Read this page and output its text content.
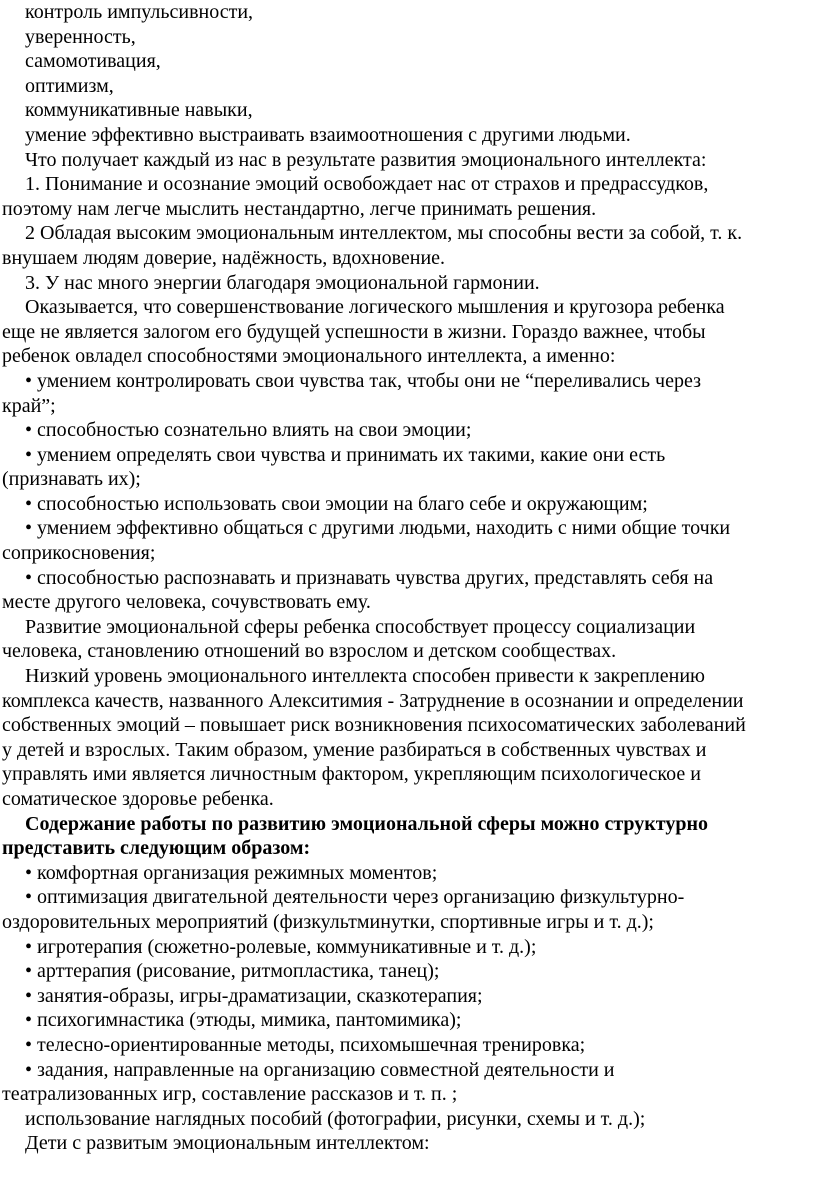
контроль импульсивности,
уверенность,
самомотивация,
оптимизм,
коммуникативные навыки,
умение эффективно выстраивать взаимоотношения с другими людьми.
Что получает каждый из нас в результате развития эмоционального интеллекта:
1. Понимание и осознание эмоций освобождает нас от страхов и предрассудков,
поэтому нам легче мыслить нестандартно, легче принимать решения.
2 Обладая высоким эмоциональным интеллектом, мы способны вести за собой, т. к.
внушаем людям доверие, надёжность, вдохновение.
3. У нас много энергии благодаря эмоциональной гармонии.
Оказывается, что совершенствование логического мышления и кругозора ребенка
еще не является залогом его будущей успешности в жизни. Гораздо важнее, чтобы
ребенок овладел способностями эмоционального интеллекта, а именно:
• умением контролировать свои чувства так, чтобы они не “переливались через
край”;
• способностью сознательно влиять на свои эмоции;
• умением определять свои чувства и принимать их такими, какие они есть
(признавать их);
• способностью использовать свои эмоции на благо себе и окружающим;
• умением эффективно общаться с другими людьми, находить с ними общие точки
соприкосновения;
• способностью распознавать и признавать чувства других, представлять себя на
месте другого человека, сочувствовать ему.
Развитие эмоциональной сферы ребенка способствует процессу социализации
человека, становлению отношений во взрослом и детском сообществах.
Низкий уровень эмоционального интеллекта способен привести к закреплению
комплекса качеств, названного Алекситимия - Затруднение в осознании и определении
собственных эмоций – повышает риск возникновения психосоматических заболеваний
у детей и взрослых. Таким образом, умение разбираться в собственных чувствах и
управлять ими является личностным фактором, укрепляющим психологическое и
соматическое здоровье ребенка.
Содержание работы по развитию эмоциональной сферы можно структурно
представить следующим образом:
• комфортная организация режимных моментов;
• оптимизация двигательной деятельности через организацию физкультурно-
оздоровительных мероприятий (физкультминутки, спортивные игры и т. д.);
• игротерапия (сюжетно-ролевые, коммуникативные и т. д.);
• арттерапия (рисование, ритмопластика, танец);
• занятия-образы, игры-драматизации, сказкотерапия;
• психогимнастика (этюды, мимика, пантомимика);
• телесно-ориентированные методы, психомышечная тренировка;
• задания, направленные на организацию совместной деятельности и
театрализованных игр, составление рассказов и т. п. ;
использование наглядных пособий (фотографии, рисунки, схемы и т. д.);
Дети с развитым эмоциональным интеллектом:
